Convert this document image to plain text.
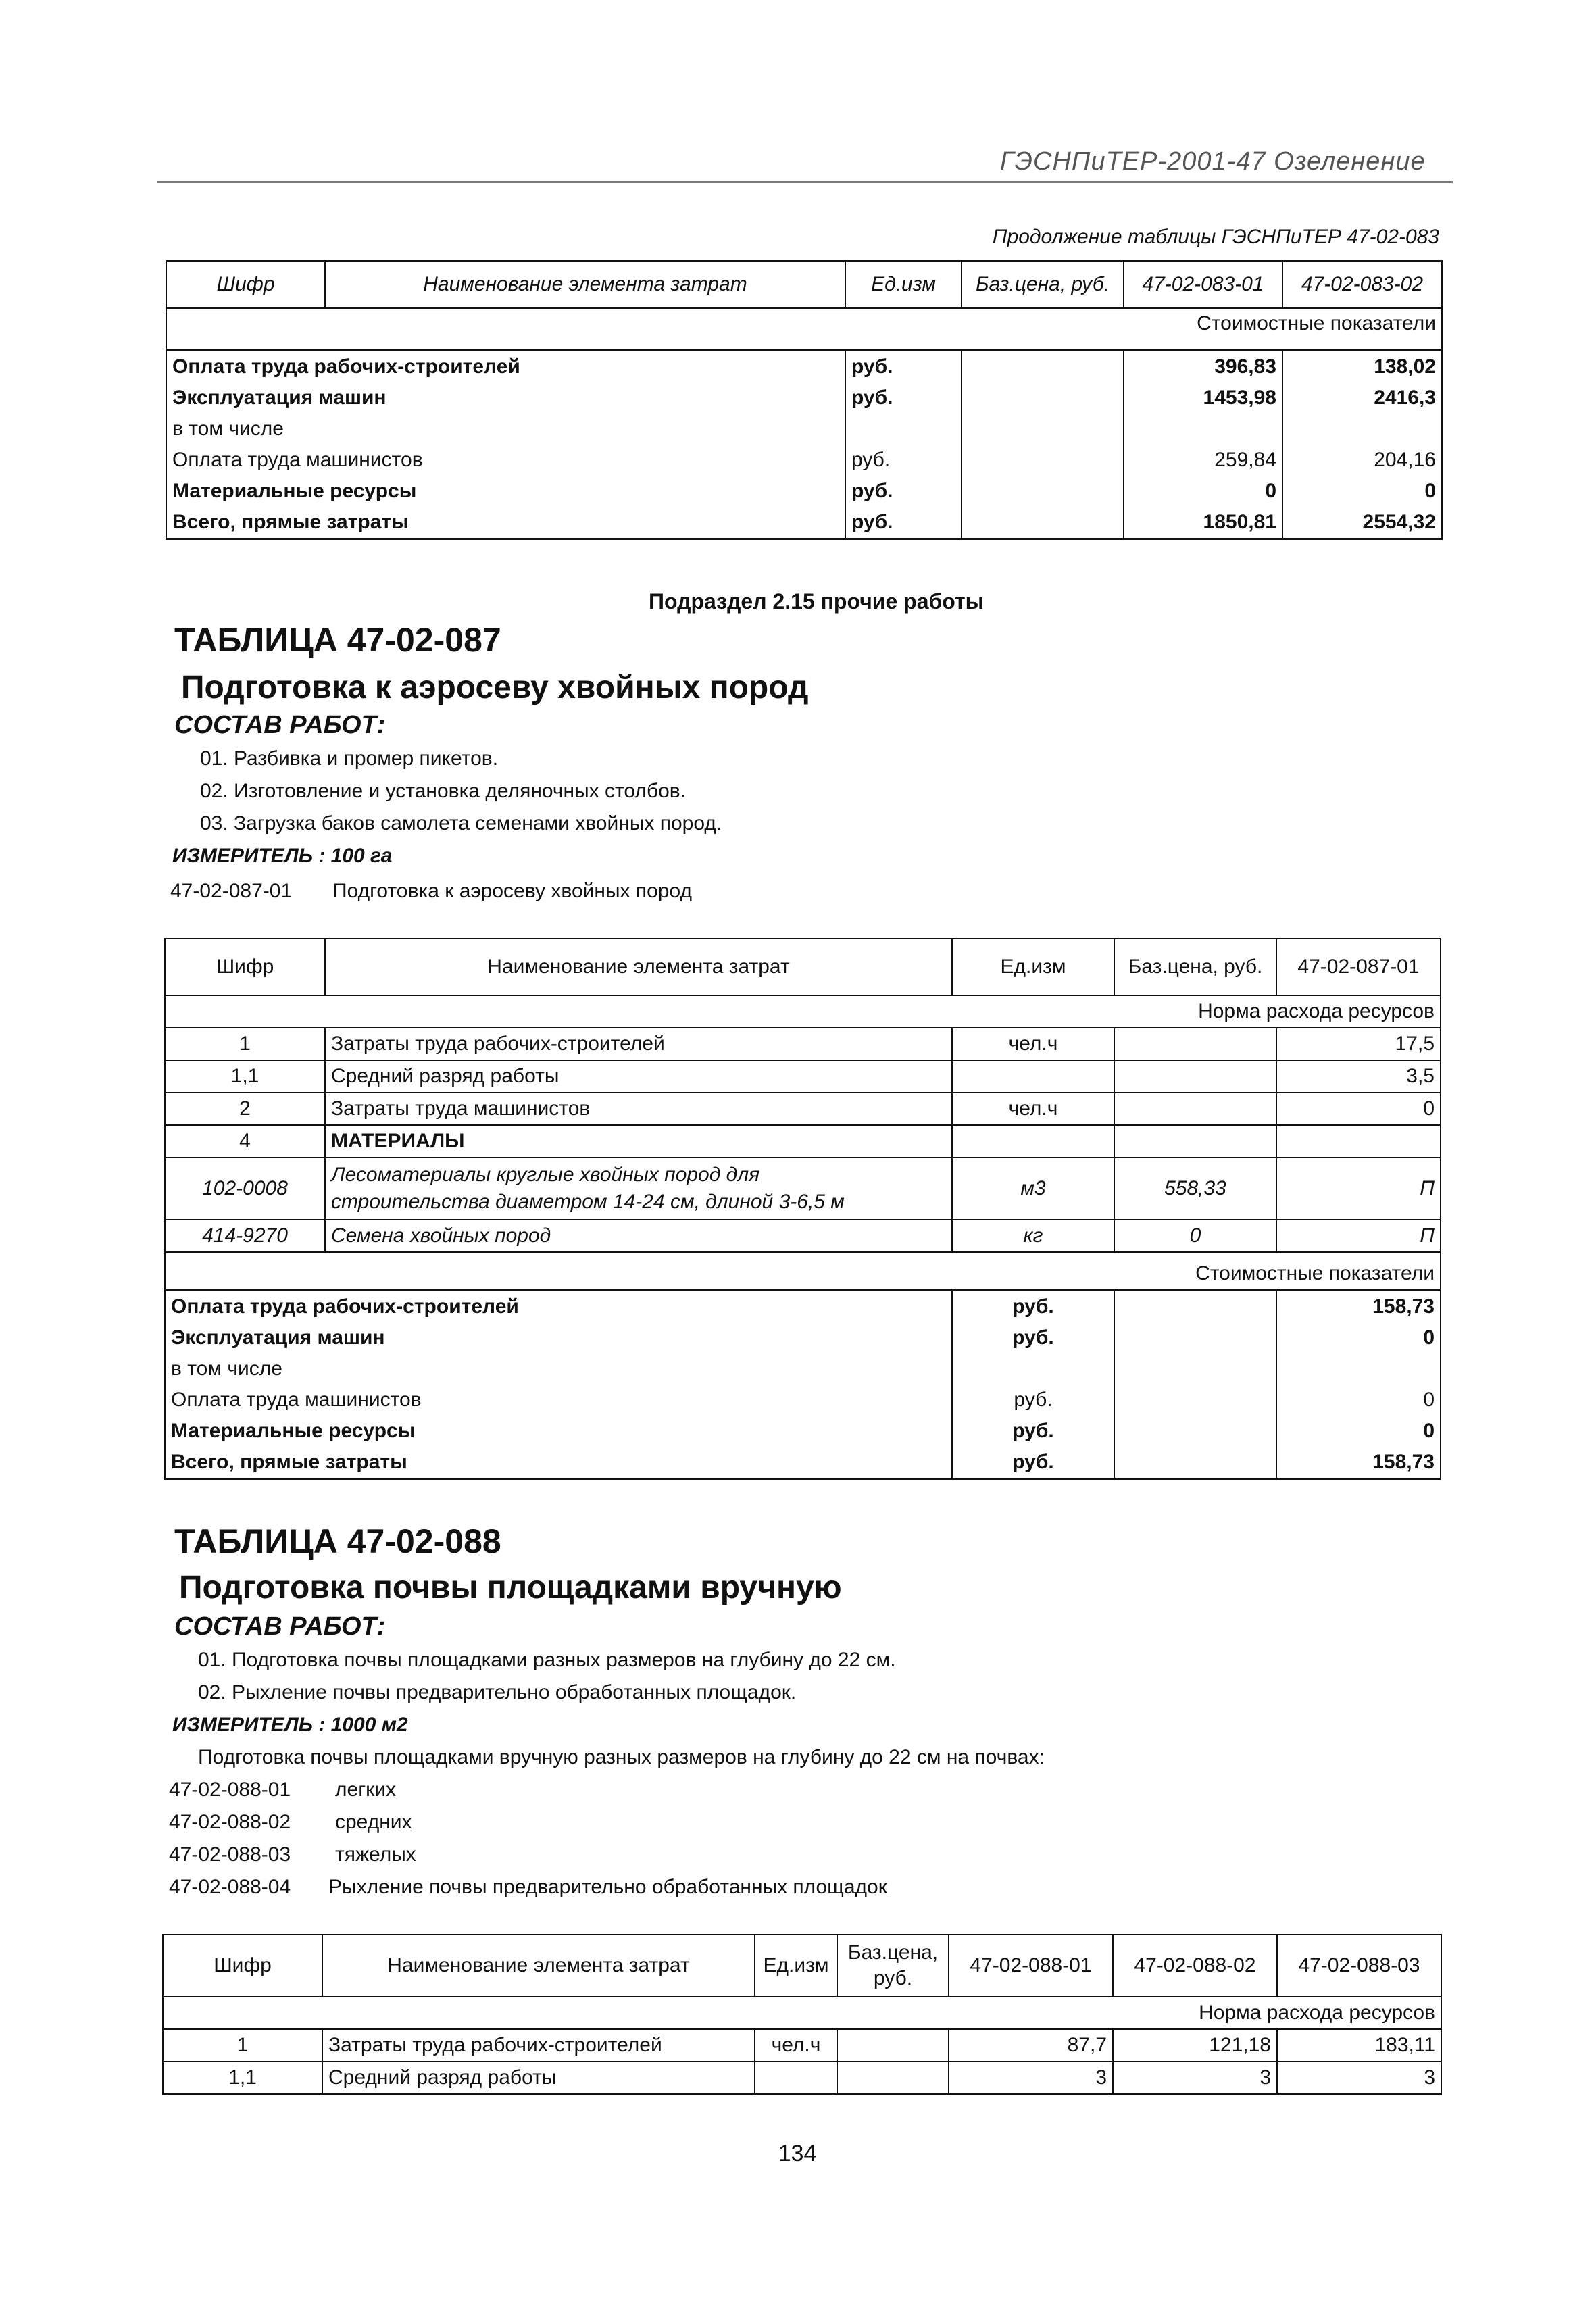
ГЭСНПиТЕР-2001-47 Озеленение
Продолжение таблицы ГЭСНПиТЕР 47-02-083
Шифр	Наименование элемента затрат	Ед.изм	Баз.цена, руб.	47-02-083-01	47-02-083-02
Стоимостные показатели					
Оплата труда рабочих-строителей		руб.		396,83	138,02
Эксплуатация машин		руб.		1453,98	2416,3
в том числе					
Оплата труда машинистов		руб.		259,84	204,16
Материальные ресурсы		руб.		0	0
Всего, прямые затраты		руб.		1850,81	2554,32
Подраздел 2.15 прочие работы
ТАБЛИЦА 47-02-087
Подготовка к аэросеву хвойных пород
СОСТАВ РАБОТ:
01. Разбивка и промер пикетов.
02. Изготовление и установка деляночных столбов.
03. Загрузка баков самолета семенами хвойных пород.
ИЗМЕРИТЕЛЬ : 100 га
47-02-087-01 Подготовка к аэросеву хвойных пород
Шифр	Наименование элемента затрат	Ед.изм	Баз.цена, руб.	47-02-087-01
Норма расхода ресурсов				
1	Затраты труда рабочих-строителей	чел.ч		17,5
1,1	Средний разряд работы			3,5
2	Затраты труда машинистов	чел.ч		0
4	МАТЕРИАЛЫ			
102-0008	Лесоматериалы круглые хвойных пород для
строительства диаметром 14-24 см, длиной 3-6,5 м	м3	558,33	П
414-9270	Семена хвойных пород	кг	0	П
Стоимостные показатели				
Оплата труда рабочих-строителей		руб.		158,73
Эксплуатация машин		руб.		0
в том числе				
Оплата труда машинистов		руб.		0
Материальные ресурсы		руб.		0
Всего, прямые затраты		руб.		158,73
ТАБЛИЦА 47-02-088
Подготовка почвы площадками вручную
СОСТАВ РАБОТ:
01. Подготовка почвы площадками разных размеров на глубину до 22 см.
02. Рыхление почвы предварительно обработанных площадок.
ИЗМЕРИТЕЛЬ : 1000 м2
Подготовка почвы площадками вручную разных размеров на глубину до 22 см на почвах:
47-02-088-01 легких
47-02-088-02 средних
47-02-088-03 тяжелых
47-02-088-04 Рыхление почвы предварительно обработанных площадок
Шифр	Наименование элемента затрат	Ед.изм	Баз.цена, руб.	47-02-088-01	47-02-088-02	47-02-088-03
Норма расхода ресурсов						
1	Затраты труда рабочих-строителей	чел.ч		87,7	121,18	183,11
1,1	Средний разряд работы			3	3	3
134
